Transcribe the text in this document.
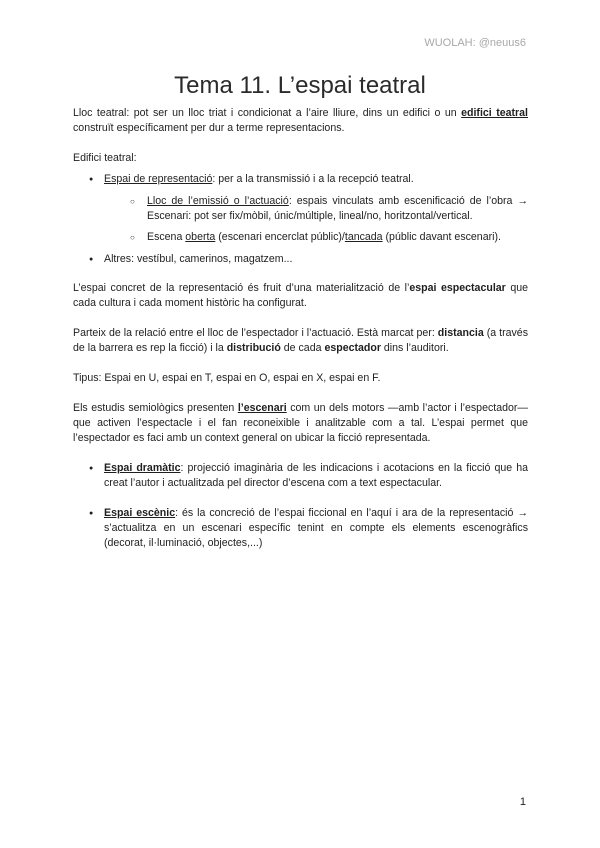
WUOLAH: @neuus6
Tema 11. L’espai teatral

Lloc teatral: pot ser un lloc triat i condicionat a l’aire lliure, dins un edifici o un edifici teatral construït específicament per dur a terme representacions.

Edifici teatral:

● Espai de representació: per a la transmissió i a la recepció teatral.
○ Lloc de l’emissió o l’actuació: espais vinculats amb escenificació de l’obra → Escenari: pot ser fix/mòbil, únic/múltiple, lineal/no, horitzontal/vertical.
○ Escena oberta (escenari encerclat públic)/tancada (públic davant escenari).
● Altres: vestíbul, camerinos, magatzem...

L’espai concret de la representació és fruit d’una materialització de l’espai espectacular que cada cultura i cada moment històric ha configurat.

Parteix de la relació entre el lloc de l’espectador i l’actuació. Està marcat per: distancia (a través de la barrera es rep la ficció) i la distribució de cada espectador dins l’auditori.

Tipus: Espai en U, espai en T, espai en O, espai en X, espai en F.

Els estudis semiològics presenten l’escenari com un dels motors —amb l’actor i l’espectador— que activen l’espectacle i el fan reconeixible i analitzable com a tal. L’espai permet que l’espectador es faci amb un context general on ubicar la ficció representada.

● Espai dramàtic: projecció imaginària de les indicacions i acotacions en la ficció que ha creat l’autor i actualitzada pel director d’escena com a text espectacular.
● Espai escènic: és la concreció de l’espai ficcional en l’aquí i ara de la representació → s’actualitza en un escenari específic tenint en compte els elements escenogràfics (decorat, il·luminació, objectes,...)
1
